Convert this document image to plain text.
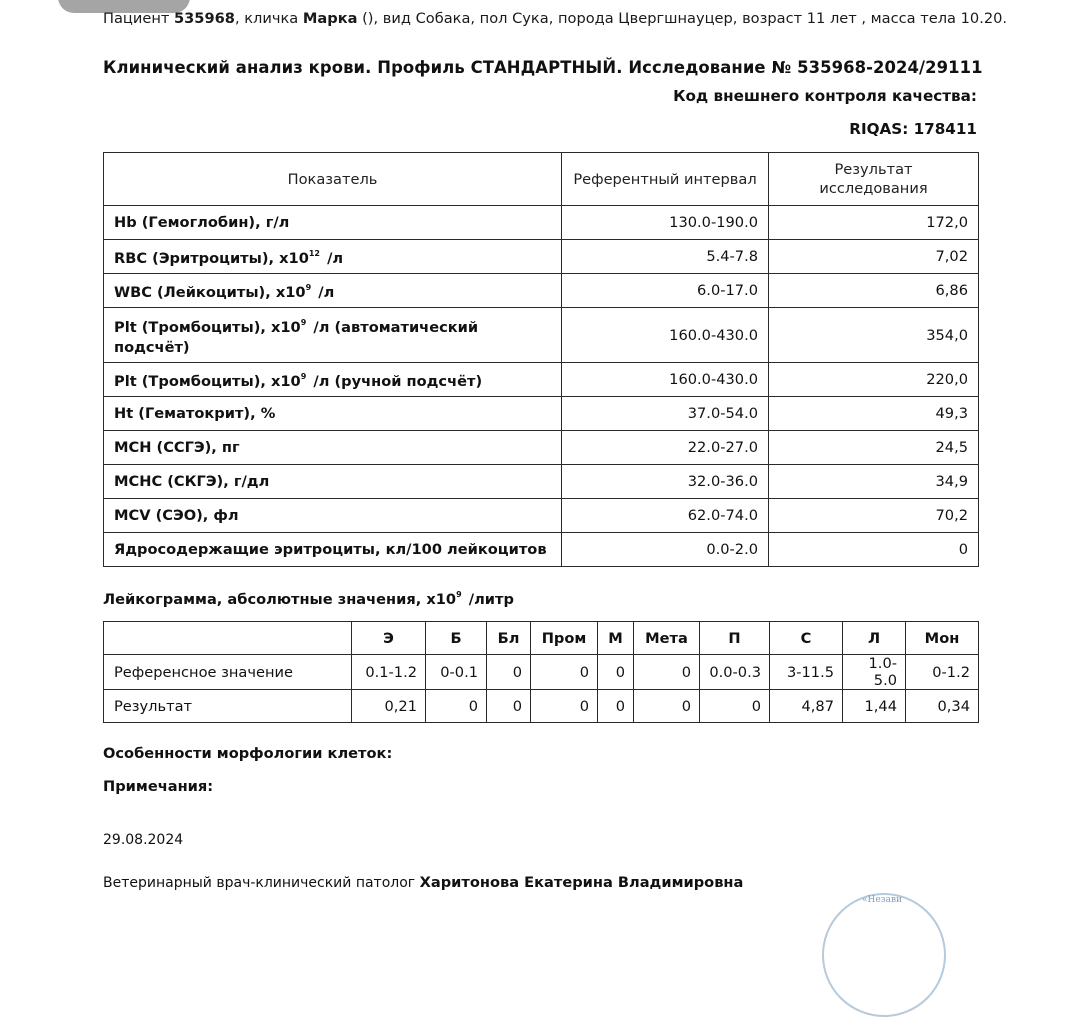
Пациент 535968, кличка Марка (), вид Собака, пол Сука, порода Цвергшнауцер, возраст 11 лет , масса тела 10.20.
Клинический анализ крови. Профиль СТАНДАРТНЫЙ. Исследование № 535968-2024/29111
Код внешнего контроля качества:
RIQAS: 178411
Показатель	Референтный интервал	Результат исследования
Hb (Гемоглобин), г/л	130.0-190.0	172,0
RBC (Эритроциты), $x10^{12}$ /л	5.4-7.8	7,02
WBC (Лейкоциты), $x10^9$ /л	6.0-17.0	6,86
Plt (Тромбоциты), $x10^9$ /л (автоматический подсчёт)	160.0-430.0	354,0
Plt (Тромбоциты), $x10^9$ /л (ручной подсчёт)	160.0-430.0	220,0
Ht (Гематокрит), %	37.0-54.0	49,3
MCH (ССГЭ), пг	22.0-27.0	24,5
MCHC (СКГЭ), г/дл	32.0-36.0	34,9
MCV (СЭО), фл	62.0-74.0	70,2
Ядросодержащие эритроциты, кл/100 лейкоцитов	0.0-2.0	0
Лейкограмма, абсолютные значения, $x10^9$ /литр
	Э	Б	Бл	Пром	М	Мета	П	С	Л	Мон
Референсное значение	0.1-1.2	0-0.1	0	0	0	0	0.0-0.3	3-11.5	1.0-5.0	0-1.2
Результат	0,21	0	0	0	0	0	0	4,87	1,44	0,34
Особенности морфологии клеток:
Примечания:
29.08.2024
Ветеринарный врач-клинический патолог Харитонова Екатерина Владимировна
«Незави
